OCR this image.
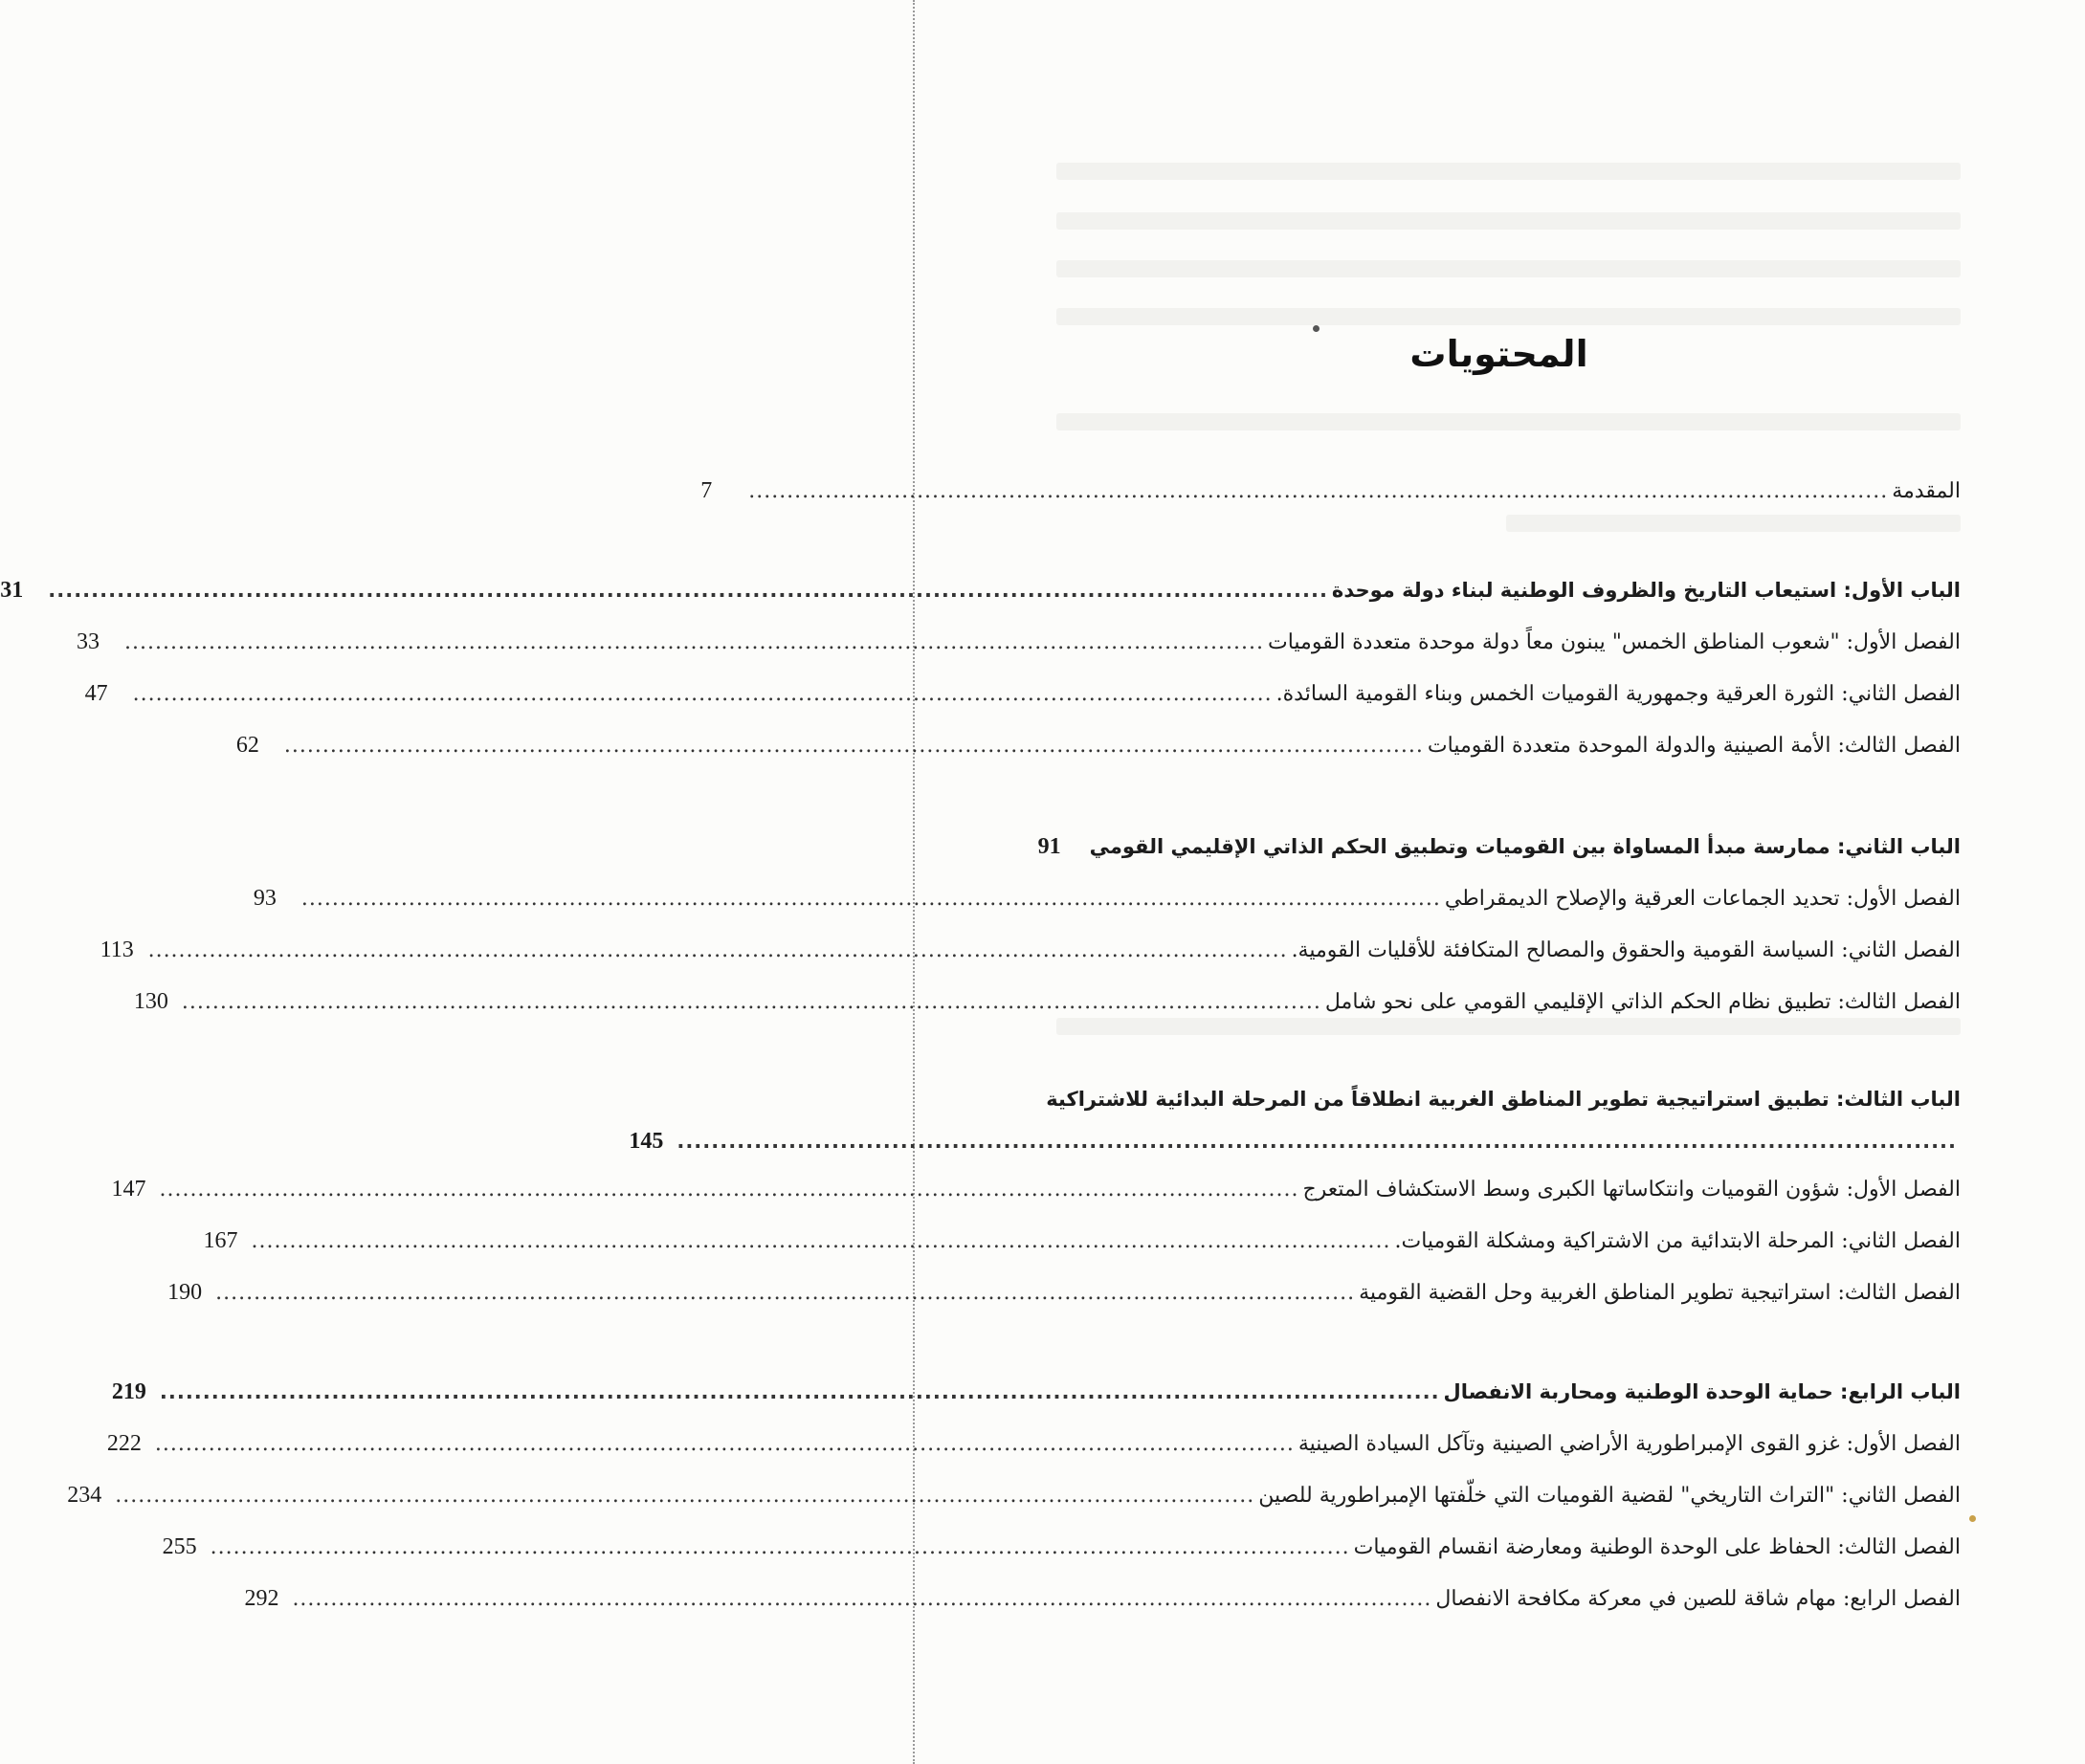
المحتويات
المقدمة
.....................................................................................................................................................
7
الباب الأول: استيعاب التاريخ والظروف الوطنية لبناء دولة موحدة
.....................................................................................................................................................
31
الفصل الأول: "شعوب المناطق الخمس" يبنون معاً دولة موحدة متعددة القوميات
.....................................................................................................................................................
33
الفصل الثاني: الثورة العرقية وجمهورية القوميات الخمس وبناء القومية السائدة.
.....................................................................................................................................................
47
الفصل الثالث: الأمة الصينية والدولة الموحدة متعددة القوميات
.....................................................................................................................................................
62
الباب الثاني: ممارسة مبدأ المساواة بين القوميات وتطبيق الحكم الذاتي الإقليمي القومي
91
الفصل الأول: تحديد الجماعات العرقية والإصلاح الديمقراطي
.....................................................................................................................................................
93
الفصل الثاني: السياسة القومية والحقوق والمصالح المتكافئة للأقليات القومية.
.....................................................................................................................................................
113
الفصل الثالث: تطبيق نظام الحكم الذاتي الإقليمي القومي على نحو شامل
.....................................................................................................................................................
130
الباب الثالث: تطبيق استراتيجية تطوير المناطق الغربية انطلاقاً من المرحلة البدائية للاشتراكية
.....................................................................................................................................................
145
الفصل الأول: شؤون القوميات وانتكاساتها الكبرى وسط الاستكشاف المتعرج
.....................................................................................................................................................
147
الفصل الثاني: المرحلة الابتدائية من الاشتراكية ومشكلة القوميات.
.....................................................................................................................................................
167
الفصل الثالث: استراتيجية تطوير المناطق الغربية وحل القضية القومية
.....................................................................................................................................................
190
الباب الرابع: حماية الوحدة الوطنية ومحاربة الانفصال
.....................................................................................................................................................
219
الفصل الأول: غزو القوى الإمبراطورية الأراضي الصينية وتآكل السيادة الصينية
.....................................................................................................................................................
222
الفصل الثاني: "التراث التاريخي" لقضية القوميات التي خلّفتها الإمبراطورية للصين
.....................................................................................................................................................
234
الفصل الثالث: الحفاظ على الوحدة الوطنية ومعارضة انقسام القوميات
.....................................................................................................................................................
255
الفصل الرابع: مهام شاقة للصين في معركة مكافحة الانفصال
.....................................................................................................................................................
292
